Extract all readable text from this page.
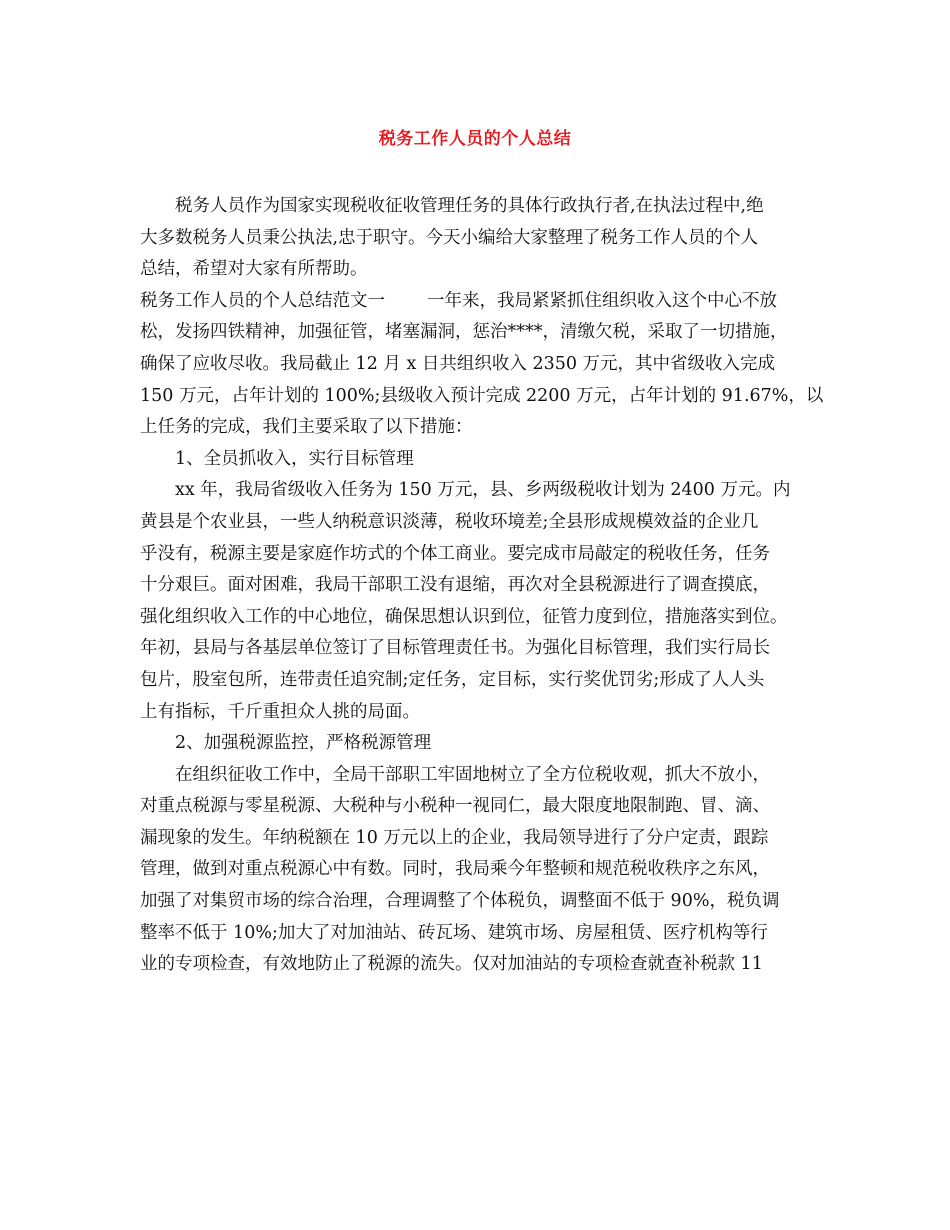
税务工作人员的个人总结
税务人员作为国家实现税收征收管理任务的具体行政执行者,在执法过程中,绝
大多数税务人员秉公执法,忠于职守。今天小编给大家整理了税务工作人员的个人
总结，希望对大家有所帮助。
税务工作人员的个人总结范文一 一年来，我局紧紧抓住组织收入这个中心不放
松，发扬四铁精神，加强征管，堵塞漏洞，惩治****，清缴欠税，采取了一切措施，
确保了应收尽收。我局截止 12 月 x 日共组织收入 2350 万元，其中省级收入完成
150 万元，占年计划的 100%;县级收入预计完成 2200 万元，占年计划的 91.67%，以
上任务的完成，我们主要采取了以下措施：
1、全员抓收入，实行目标管理
xx 年，我局省级收入任务为 150 万元，县、乡两级税收计划为 2400 万元。内
黄县是个农业县，一些人纳税意识淡薄，税收环境差;全县形成规模效益的企业几
乎没有，税源主要是家庭作坊式的个体工商业。要完成市局敲定的税收任务，任务
十分艰巨。面对困难，我局干部职工没有退缩，再次对全县税源进行了调查摸底，
强化组织收入工作的中心地位，确保思想认识到位，征管力度到位，措施落实到位。
年初，县局与各基层单位签订了目标管理责任书。为强化目标管理，我们实行局长
包片，股室包所，连带责任追究制;定任务，定目标，实行奖优罚劣;形成了人人头
上有指标，千斤重担众人挑的局面。
2、加强税源监控，严格税源管理
在组织征收工作中，全局干部职工牢固地树立了全方位税收观，抓大不放小，
对重点税源与零星税源、大税种与小税种一视同仁，最大限度地限制跑、冒、滴、
漏现象的发生。年纳税额在 10 万元以上的企业，我局领导进行了分户定责，跟踪
管理，做到对重点税源心中有数。同时，我局乘今年整顿和规范税收秩序之东风，
加强了对集贸市场的综合治理，合理调整了个体税负，调整面不低于 90%，税负调
整率不低于 10%;加大了对加油站、砖瓦场、建筑市场、房屋租赁、医疗机构等行
业的专项检查，有效地防止了税源的流失。仅对加油站的专项检查就查补税款 11
